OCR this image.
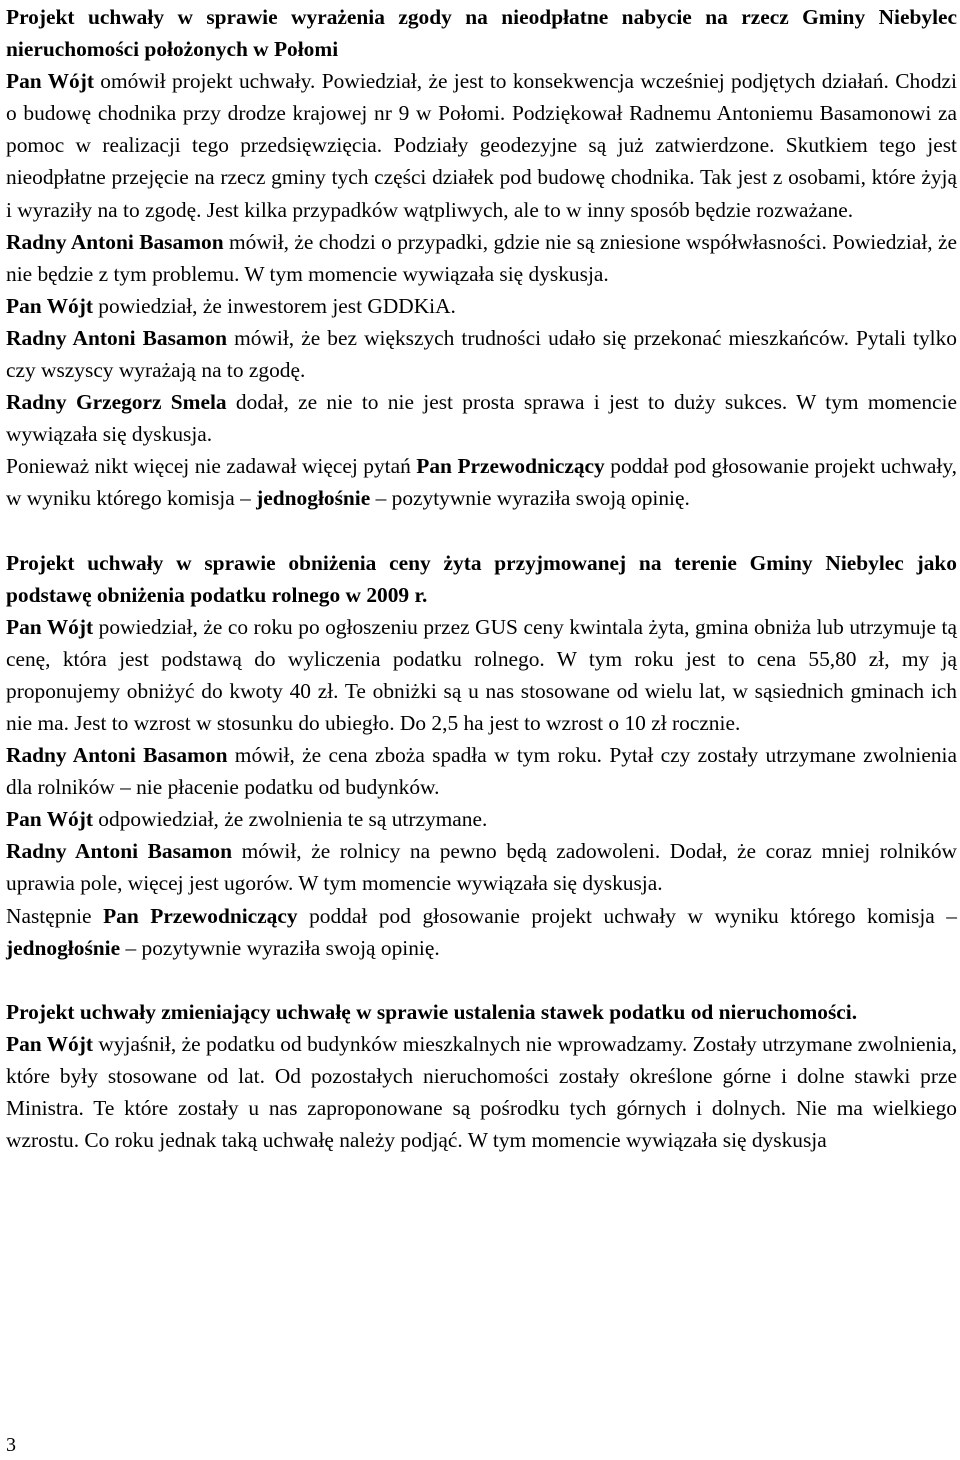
Projekt uchwały w sprawie wyrażenia zgody na nieodpłatne nabycie na rzecz Gminy Niebylec nieruchomości położonych w Połomi

Pan Wójt omówił projekt uchwały. Powiedział, że jest to konsekwencja wcześniej podjętych działań. Chodzi o budowę chodnika przy drodze krajowej nr 9 w Połomi. Podziękował Radnemu Antoniemu Basamonowi za pomoc w realizacji tego przedsięwzięcia. Podziały geodezyjne są już zatwierdzone. Skutkiem tego jest nieodpłatne przejęcie na rzecz gminy tych części działek pod budowę chodnika. Tak jest z osobami, które żyją i wyraziły na to zgodę. Jest kilka przypadków wątpliwych, ale to w inny sposób będzie rozważane.

Radny Antoni Basamon mówił, że chodzi o przypadki, gdzie nie są zniesione współwłasności. Powiedział, że nie będzie z tym problemu. W tym momencie wywiązała się dyskusja.

Pan Wójt powiedział, że inwestorem jest GDDKiA.

Radny Antoni Basamon mówił, że bez większych trudności udało się przekonać mieszkańców. Pytali tylko czy wszyscy wyrażają na to zgodę.

Radny Grzegorz Smela dodał, ze nie to nie jest prosta sprawa i jest to duży sukces. W tym momencie wywiązała się dyskusja.

Ponieważ nikt więcej nie zadawał więcej pytań Pan Przewodniczący poddał pod głosowanie projekt uchwały, w wyniku którego komisja – jednogłośnie – pozytywnie wyraziła swoją opinię.

Projekt uchwały w sprawie obniżenia ceny żyta przyjmowanej na terenie Gminy Niebylec jako podstawę obniżenia podatku rolnego w 2009 r.

Pan Wójt powiedział, że co roku po ogłoszeniu przez GUS ceny kwintala żyta, gmina obniża lub utrzymuje tą cenę, która jest podstawą do wyliczenia podatku rolnego. W tym roku jest to cena 55,80 zł, my ją proponujemy obniżyć do kwoty 40 zł. Te obniżki są u nas stosowane od wielu lat, w sąsiednich gminach ich nie ma. Jest to wzrost w stosunku do ubiegło. Do 2,5 ha jest to wzrost o 10 zł rocznie.

Radny Antoni Basamon mówił, że cena zboża spadła w tym roku. Pytał czy zostały utrzymane zwolnienia dla rolników – nie płacenie podatku od budynków.

Pan Wójt odpowiedział, że zwolnienia te są utrzymane.

Radny Antoni Basamon mówił, że rolnicy na pewno będą zadowoleni. Dodał, że coraz mniej rolników uprawia pole, więcej jest ugorów. W tym momencie wywiązała się dyskusja.

Następnie Pan Przewodniczący poddał pod głosowanie projekt uchwały w wyniku którego komisja – jednogłośnie – pozytywnie wyraziła swoją opinię.

Projekt uchwały zmieniający uchwałę w sprawie ustalenia stawek podatku od nieruchomości.

Pan Wójt wyjaśnił, że podatku od budynków mieszkalnych nie wprowadzamy. Zostały utrzymane zwolnienia, które były stosowane od lat. Od pozostałych nieruchomości zostały określone górne i dolne stawki prze Ministra. Te które zostały u nas zaproponowane są pośrodku tych górnych i dolnych. Nie ma wielkiego wzrostu. Co roku jednak taką uchwałę należy podjąć. W tym momencie wywiązała się dyskusja

3
